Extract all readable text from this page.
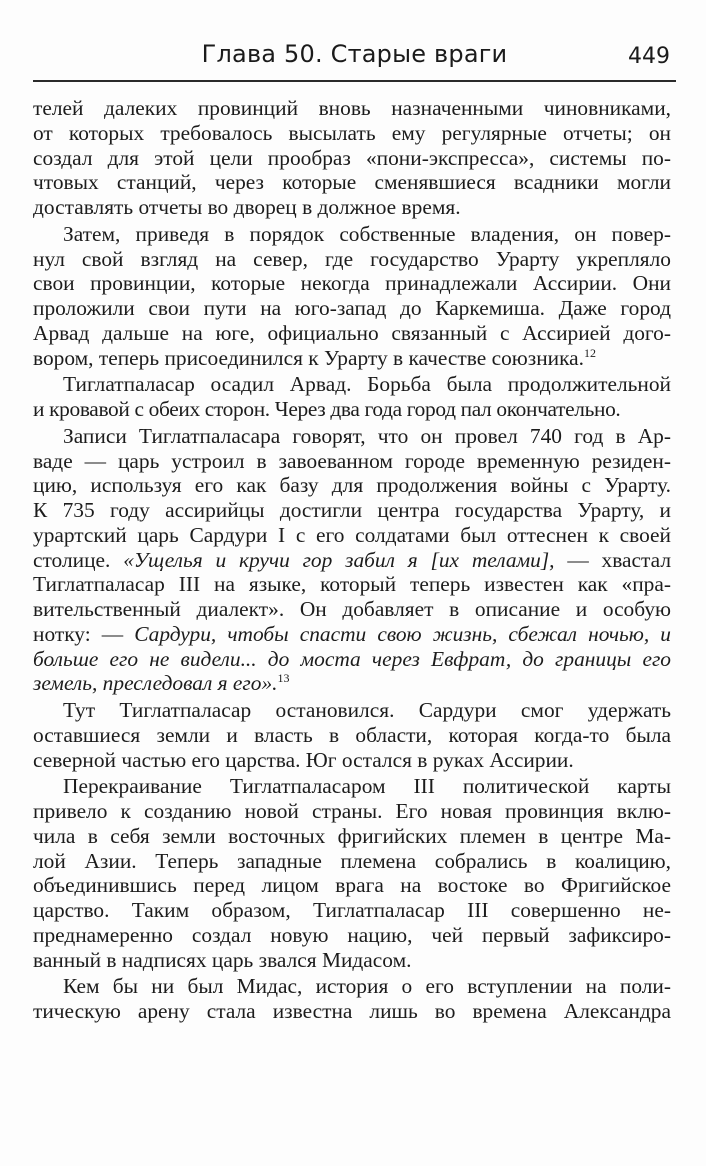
Глава 50. Старые враги	449
телей далеких провинций вновь назначенными чиновниками,
от которых требовалось высылать ему регулярные отчеты; он
создал для этой цели прообраз «пони-экспресса», системы по-
чтовых станций, через которые сменявшиеся всадники могли
доставлять отчеты во дворец в должное время.
Затем, приведя в порядок собственные владения, он повер-
нул свой взгляд на север, где государство Урарту укрепляло
свои провинции, которые некогда принадлежали Ассирии. Они
проложили свои пути на юго-запад до Каркемиша. Даже город
Арвад дальше на юге, официально связанный с Ассирией дого-
вором, теперь присоединился к Урарту в качестве союзника.$^{12}$
Тиглатпаласар осадил Арвад. Борьба была продолжительной
и кровавой с обеих сторон. Через два года город пал окончательно.
Записи Тиглатпаласара говорят, что он провел 740 год в Ар-
ваде — царь устроил в завоеванном городе временную резиден-
цию, используя его как базу для продолжения войны с Урарту.
К 735 году ассирийцы достигли центра государства Урарту, и
урартский царь Сардури I с его солдатами был оттеснен к своей
столице. «Ущелья и кручи гор забил я [их телами], — хвастал
Тиглатпаласар III на языке, который теперь известен как «пра-
вительственный диалект». Он добавляет в описание и особую
нотку: — Сардури, чтобы спасти свою жизнь, сбежал ночью, и
больше его не видели... до моста через Евфрат, до границы его
земель, преследовал я его».$^{13}$
Тут Тиглатпаласар остановился. Сардури смог удержать
оставшиеся земли и власть в области, которая когда-то была
северной частью его царства. Юг остался в руках Ассирии.
Перекраивание Тиглатпаласаром III политической карты
привело к созданию новой страны. Его новая провинция вклю-
чила в себя земли восточных фригийских племен в центре Ма-
лой Азии. Теперь западные племена собрались в коалицию,
объединившись перед лицом врага на востоке во Фригийское
царство. Таким образом, Тиглатпаласар III совершенно не-
преднамеренно создал новую нацию, чей первый зафиксиро-
ванный в надписях царь звался Мидасом.
Кем бы ни был Мидас, история о его вступлении на поли-
тическую арену стала известна лишь во времена Александра
